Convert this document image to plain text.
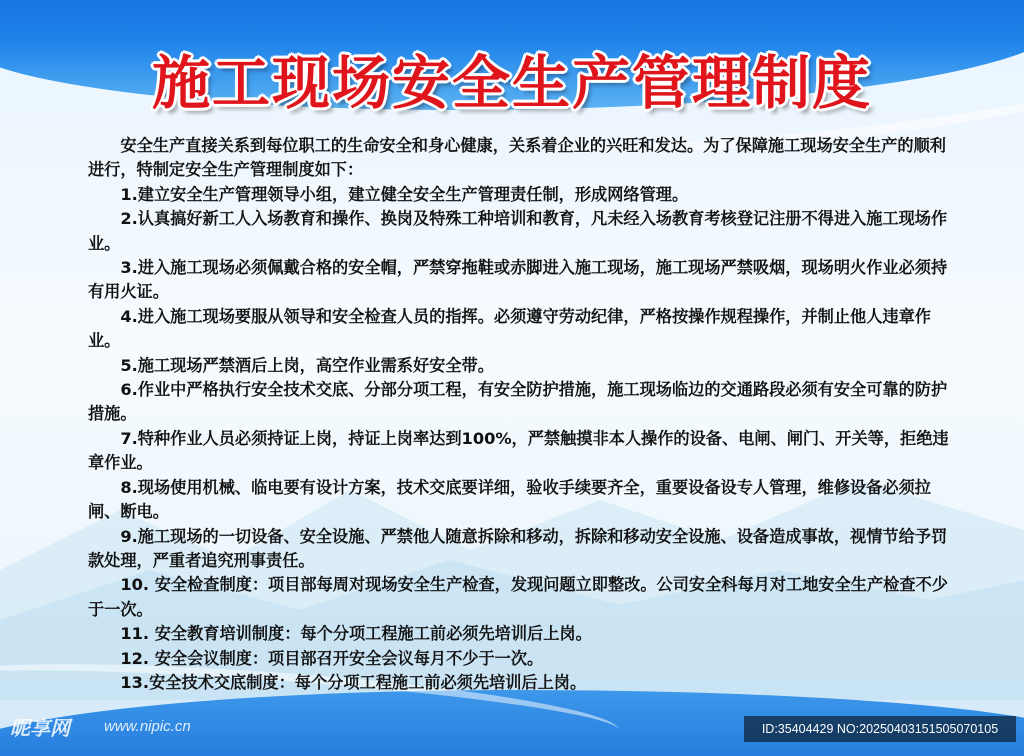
施工现场安全生产管理制度

安全生产直接关系到每位职工的生命安全和身心健康，关系着企业的兴旺和发达。为了保障施工现场安全生产的顺利进行，特制定安全生产管理制度如下：

1.建立安全生产管理领导小组，建立健全安全生产管理责任制，形成网络管理。

2.认真搞好新工人入场教育和操作、换岗及特殊工种培训和教育，凡未经入场教育考核登记注册不得进入施工现场作业。

3.进入施工现场必须佩戴合格的安全帽，严禁穿拖鞋或赤脚进入施工现场，施工现场严禁吸烟，现场明火作业必须持有用火证。

4.进入施工现场要服从领导和安全检查人员的指挥。必须遵守劳动纪律，严格按操作规程操作，并制止他人违章作业。

5.施工现场严禁酒后上岗，高空作业需系好安全带。

6.作业中严格执行安全技术交底、分部分项工程，有安全防护措施，施工现场临边的交通路段必须有安全可靠的防护措施。

7.特种作业人员必须持证上岗，持证上岗率达到100%，严禁触摸非本人操作的设备、电闸、闸门、开关等，拒绝违章作业。

8.现场使用机械、临电要有设计方案，技术交底要详细，验收手续要齐全，重要设备设专人管理，维修设备必须拉闸、断电。

9.施工现场的一切设备、安全设施、严禁他人随意拆除和移动，拆除和移动安全设施、设备造成事故，视情节给予罚款处理，严重者追究刑事责任。

10. 安全检查制度：项目部每周对现场安全生产检查，发现问题立即整改。公司安全科每月对工地安全生产检查不少于一次。

11. 安全教育培训制度：每个分项工程施工前必须先培训后上岗。

12. 安全会议制度：项目部召开安全会议每月不少于一次。

13.安全技术交底制度：每个分项工程施工前必须先培训后上岗。

昵享网 www.nipic.cn	ID:35404429 NO:20250403151505070105
